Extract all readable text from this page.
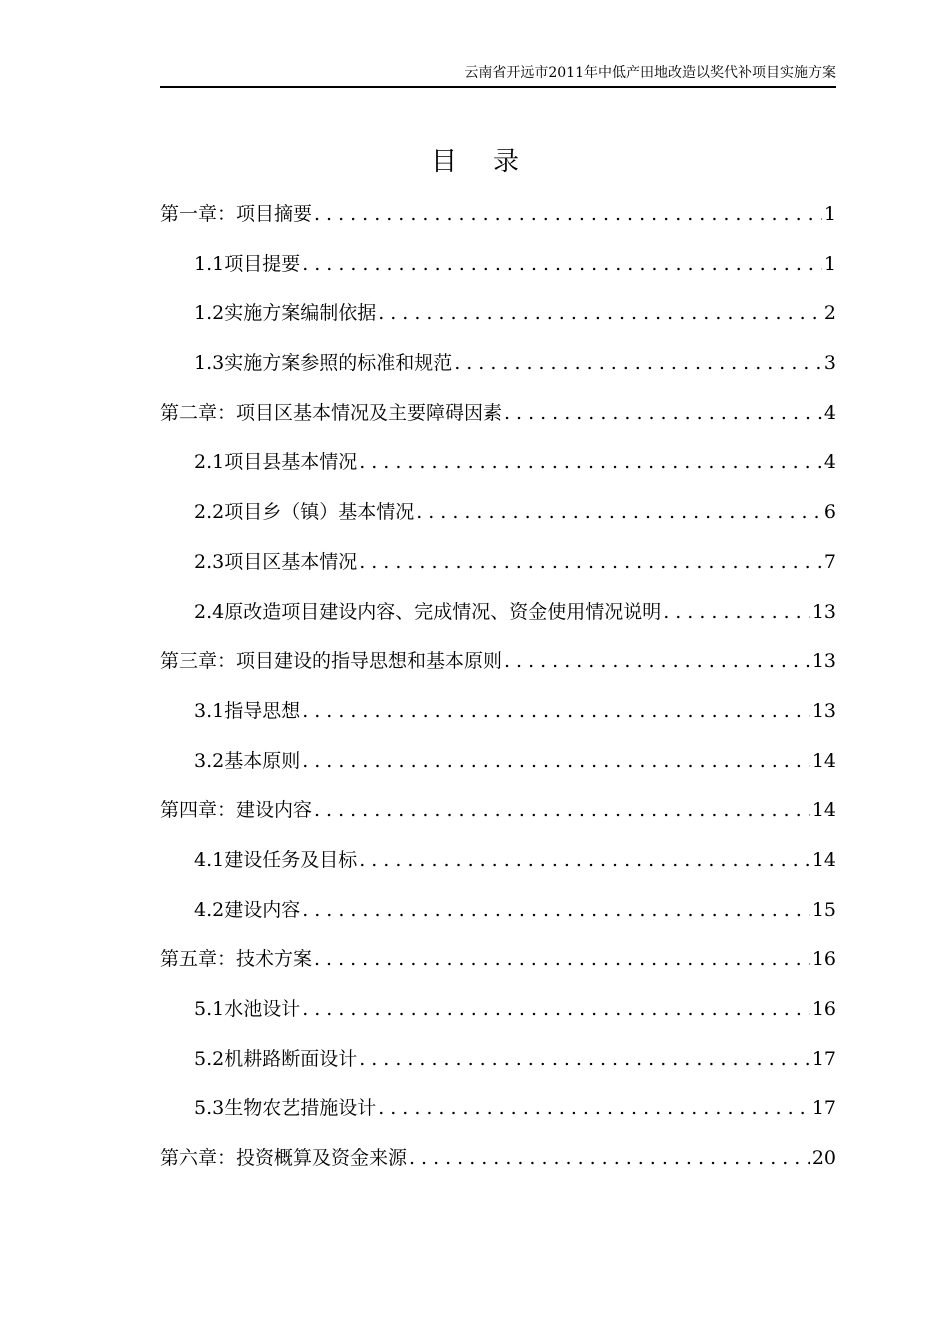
云南省开远市2011年中低产田地改造以奖代补项目实施方案
目录
第一章：项目摘要 .....	1
1.1项目提要 .....	1
1.2实施方案编制依据 .....	2
1.3实施方案参照的标准和规范 .....	3
第二章：项目区基本情况及主要障碍因素 .....	4
2.1项目县基本情况 .....	4
2.2项目乡（镇）基本情况 .....	6
2.3项目区基本情况 .....	7
2.4原改造项目建设内容、完成情况、资金使用情况说明 .....	13
第三章：项目建设的指导思想和基本原则 .....	13
3.1指导思想 .....	13
3.2基本原则 .....	14
第四章：建设内容 .....	14
4.1建设任务及目标 .....	14
4.2建设内容 .....	15
第五章：技术方案 .....	16
5.1水池设计 .....	16
5.2机耕路断面设计 .....	17
5.3生物农艺措施设计 .....	17
第六章：投资概算及资金来源 .....	20
